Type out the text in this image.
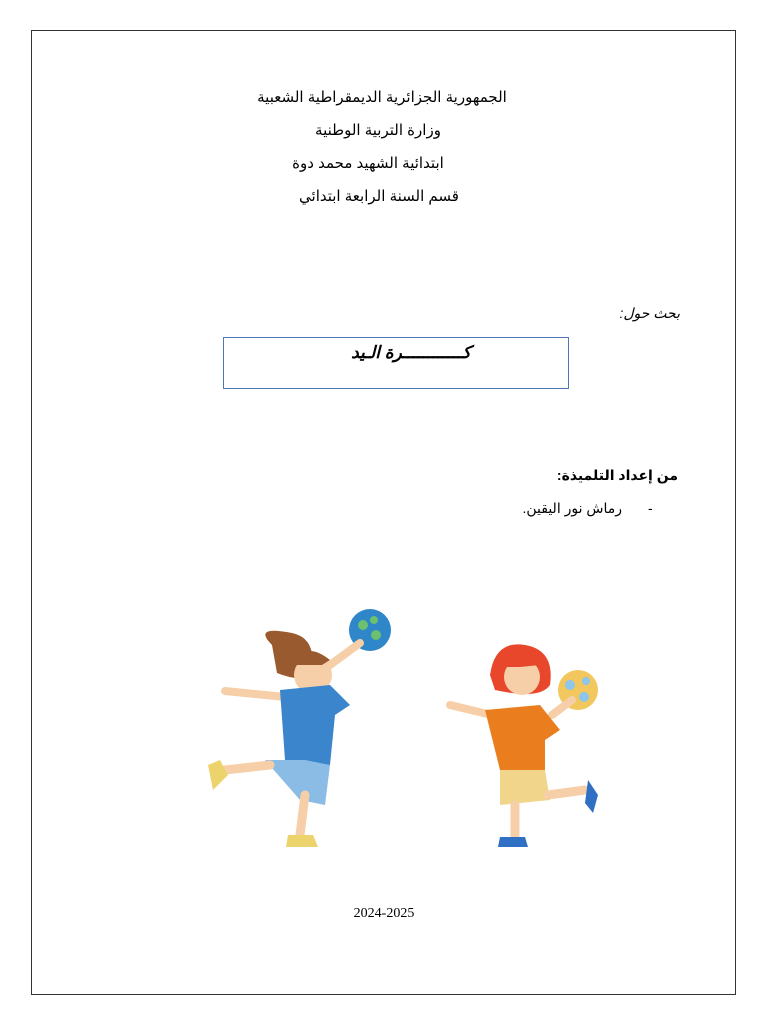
الجمهورية الجزائرية الديمقراطية الشعبية
وزارة التربية الوطنية
ابتدائية الشهيد محمد دوة
قسم السنة الرابعة ابتدائي
بحث حول:
كــــــــــــرة الـيد
من إعداد التلميذة:
-
رماش نور اليقين.
2024-2025
